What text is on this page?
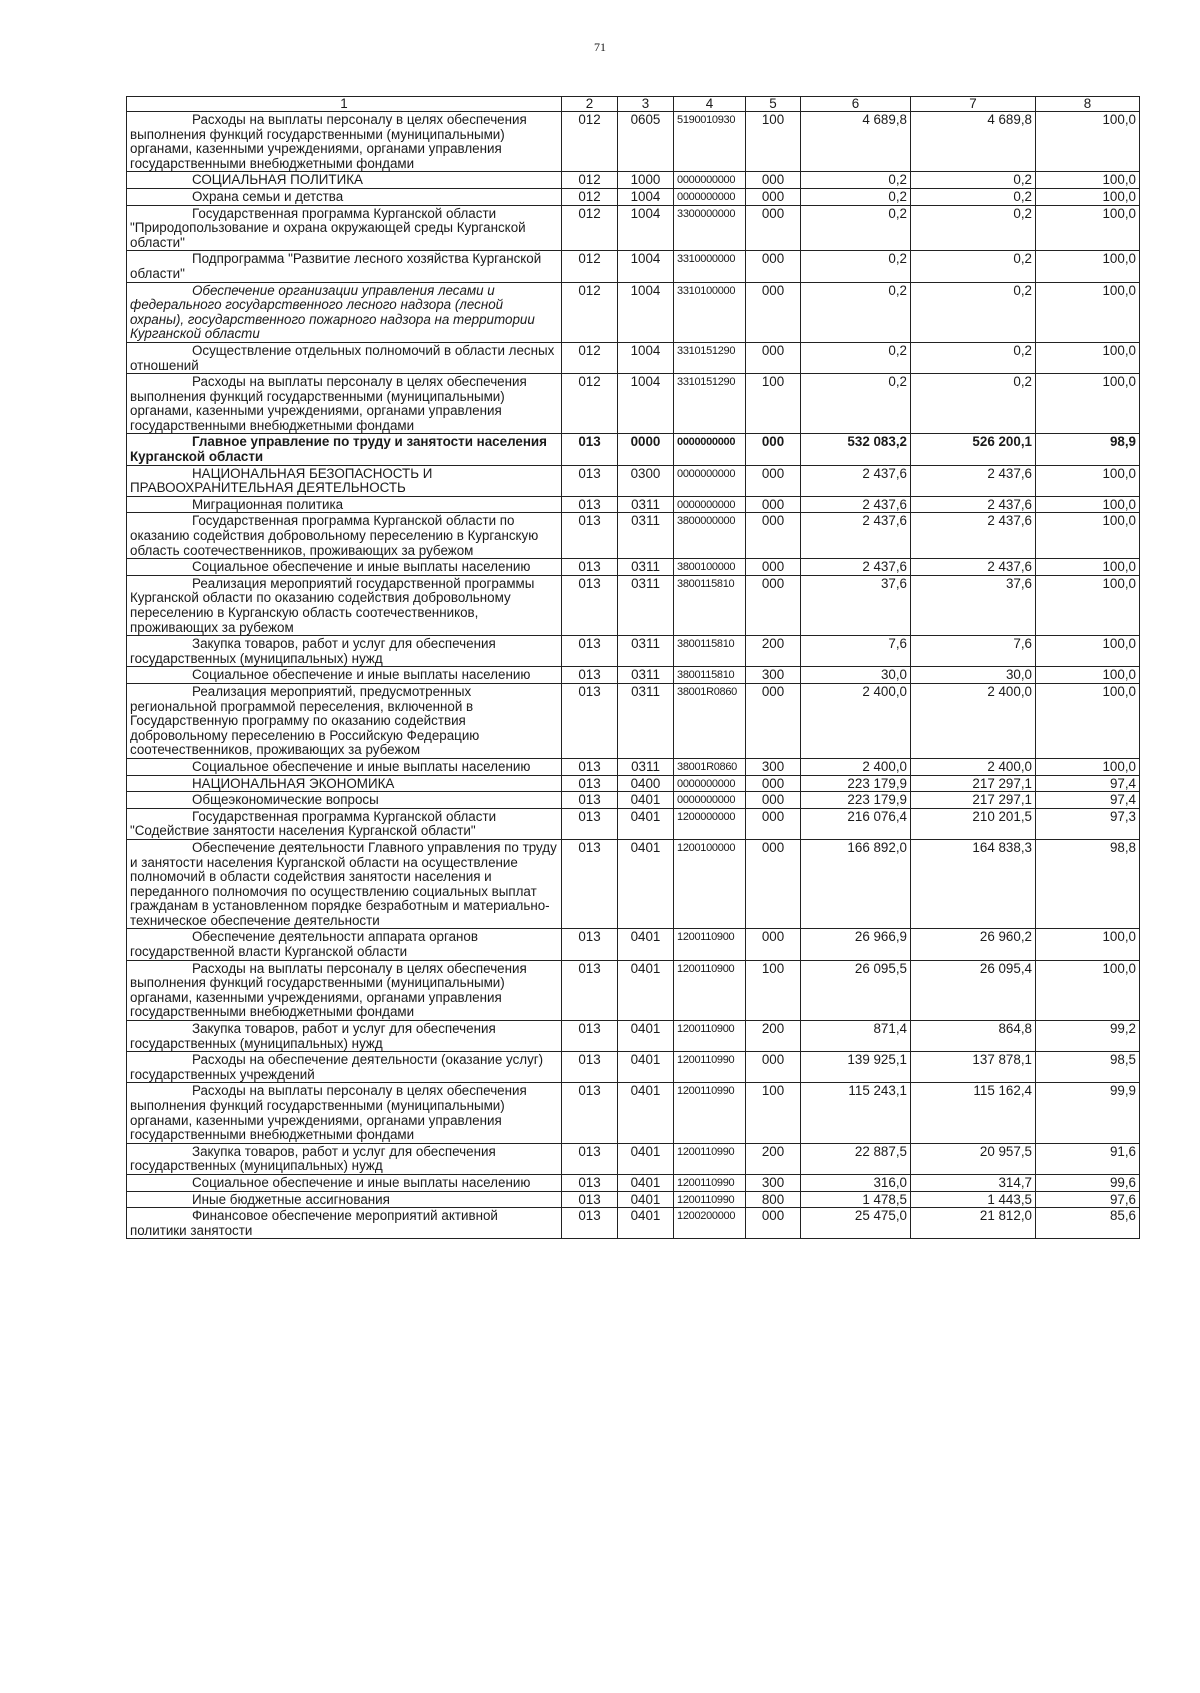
71
1	2	3	4	5	6	7	8

Расходы на выплаты персоналу в целях обеспечения выполнения функций государственными (муниципальными) органами, казенными учреждениями, органами управления государственными внебюджетными фондами	012	0605	5190010930	100	4 689,8	4 689,8	100,0

СОЦИАЛЬНАЯ ПОЛИТИКА	012	1000	0000000000	000	0,2	0,2	100,0

Охрана семьи и детства	012	1004	0000000000	000	0,2	0,2	100,0

Государственная программа Курганской области "Природопользование и охрана окружающей среды Курганской области"	012	1004	3300000000	000	0,2	0,2	100,0

Подпрограмма "Развитие лесного хозяйства Курганской области"	012	1004	3310000000	000	0,2	0,2	100,0

Обеспечение организации управления лесами и федерального государственного лесного надзора (лесной охраны), государственного пожарного надзора на территории Курганской области	012	1004	3310100000	000	0,2	0,2	100,0

Осуществление отдельных полномочий в области лесных отношений	012	1004	3310151290	000	0,2	0,2	100,0

Расходы на выплаты персоналу в целях обеспечения выполнения функций государственными (муниципальными) органами, казенными учреждениями, органами управления государственными внебюджетными фондами	012	1004	3310151290	100	0,2	0,2	100,0

Главное управление по труду и занятости населения Курганской области	013	0000	0000000000	000	532 083,2	526 200,1	98,9

НАЦИОНАЛЬНАЯ БЕЗОПАСНОСТЬ И ПРАВООХРАНИТЕЛЬНАЯ ДЕЯТЕЛЬНОСТЬ	013	0300	0000000000	000	2 437,6	2 437,6	100,0

Миграционная политика	013	0311	0000000000	000	2 437,6	2 437,6	100,0

Государственная программа Курганской области по оказанию содействия добровольному переселению в Курганскую область соотечественников, проживающих за рубежом	013	0311	3800000000	000	2 437,6	2 437,6	100,0

Социальное обеспечение и иные выплаты населению	013	0311	3800100000	000	2 437,6	2 437,6	100,0

Реализация мероприятий государственной программы Курганской области по оказанию содействия добровольному переселению в Курганскую область соотечественников, проживающих за рубежом	013	0311	3800115810	000	37,6	37,6	100,0

Закупка товаров, работ и услуг для обеспечения государственных (муниципальных) нужд	013	0311	3800115810	200	7,6	7,6	100,0

Социальное обеспечение и иные выплаты населению	013	0311	3800115810	300	30,0	30,0	100,0

Реализация мероприятий, предусмотренных региональной программой переселения, включенной в Государственную программу по оказанию содействия добровольному переселению в Российскую Федерацию соотечественников, проживающих за рубежом	013	0311	38001R0860	000	2 400,0	2 400,0	100,0

Социальное обеспечение и иные выплаты населению	013	0311	38001R0860	300	2 400,0	2 400,0	100,0

НАЦИОНАЛЬНАЯ ЭКОНОМИКА	013	0400	0000000000	000	223 179,9	217 297,1	97,4

Общеэкономические вопросы	013	0401	0000000000	000	223 179,9	217 297,1	97,4

Государственная программа Курганской области "Содействие занятости населения Курганской области"	013	0401	1200000000	000	216 076,4	210 201,5	97,3

Обеспечение деятельности Главного управления по труду и занятости населения Курганской области на осуществление полномочий в области содействия занятости населения и переданного полномочия по осуществлению социальных выплат гражданам в установленном порядке безработным и материально-техническое обеспечение деятельности	013	0401	1200100000	000	166 892,0	164 838,3	98,8

Обеспечение деятельности аппарата органов государственной власти Курганской области	013	0401	1200110900	000	26 966,9	26 960,2	100,0

Расходы на выплаты персоналу в целях обеспечения выполнения функций государственными (муниципальными) органами, казенными учреждениями, органами управления государственными внебюджетными фондами	013	0401	1200110900	100	26 095,5	26 095,4	100,0

Закупка товаров, работ и услуг для обеспечения государственных (муниципальных) нужд	013	0401	1200110900	200	871,4	864,8	99,2

Расходы на обеспечение деятельности (оказание услуг) государственных учреждений	013	0401	1200110990	000	139 925,1	137 878,1	98,5

Расходы на выплаты персоналу в целях обеспечения выполнения функций государственными (муниципальными) органами, казенными учреждениями, органами управления государственными внебюджетными фондами	013	0401	1200110990	100	115 243,1	115 162,4	99,9

Закупка товаров, работ и услуг для обеспечения государственных (муниципальных) нужд	013	0401	1200110990	200	22 887,5	20 957,5	91,6

Социальное обеспечение и иные выплаты населению	013	0401	1200110990	300	316,0	314,7	99,6

Иные бюджетные ассигнования	013	0401	1200110990	800	1 478,5	1 443,5	97,6

Финансовое обеспечение мероприятий активной политики занятости	013	0401	1200200000	000	25 475,0	21 812,0	85,6
